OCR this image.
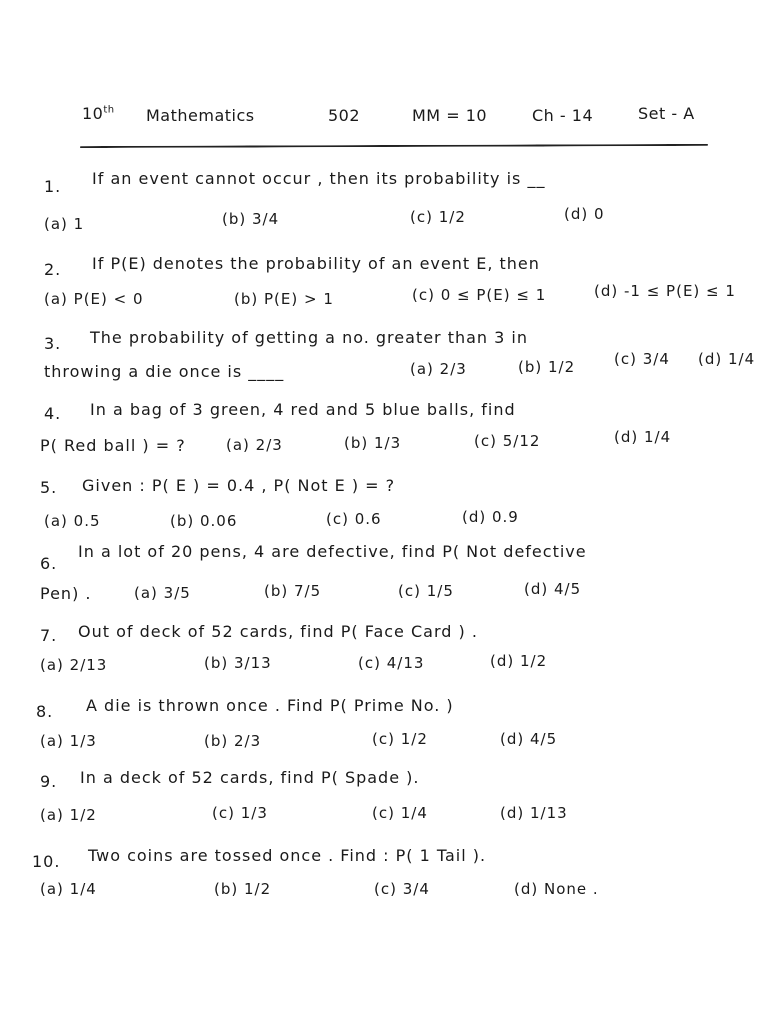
10th Mathematics	502	MM = 10	Ch - 14	Set - A
1. If an event cannot occur , then its probability is __
(a) 1	(b) 3/4	(c) 1/2	(d) 0
2. If P(E) denotes the probability of an event E, then
(a) P(E) < 0	(b) P(E) > 1	(c) 0 ≤ P(E) ≤ 1	(d) -1 ≤ P(E) ≤ 1
3. The probability of getting a no. greater than 3 in
throwing a die once is ____	(a) 2/3	(b) 1/2	(c) 3/4 (d) 1/4
4. In a bag of 3 green, 4 red and 5 blue balls, find
P( Red ball ) = ?	(a) 2/3	(b) 1/3	(c) 5/12	(d) 1/4
5. Given : P( E ) = 0.4 , P( Not E ) = ?
(a) 0.5	(b) 0.06	(c) 0.6	(d) 0.9
6.
In a lot of 20 pens, 4 are defective, find P( Not defective
Pen) .	(a) 3/5	(b) 7/5	(c) 1/5	(d) 4/5
7. Out of deck of 52 cards, find P( Face Card ) .
(a) 2/13	(b) 3/13	(c) 4/13	(d) 1/2
8. A die is thrown once . Find P( Prime No. )
(a) 1/3	(b) 2/3	(c) 1/2	(d) 4/5
9. In a deck of 52 cards, find P( Spade ).
(a) 1/2	(c) 1/3	(c) 1/4	(d) 1/13
10. Two coins are tossed once . Find : P( 1 Tail ).
(a) 1/4	(b) 1/2	(c) 3/4	(d) None .
